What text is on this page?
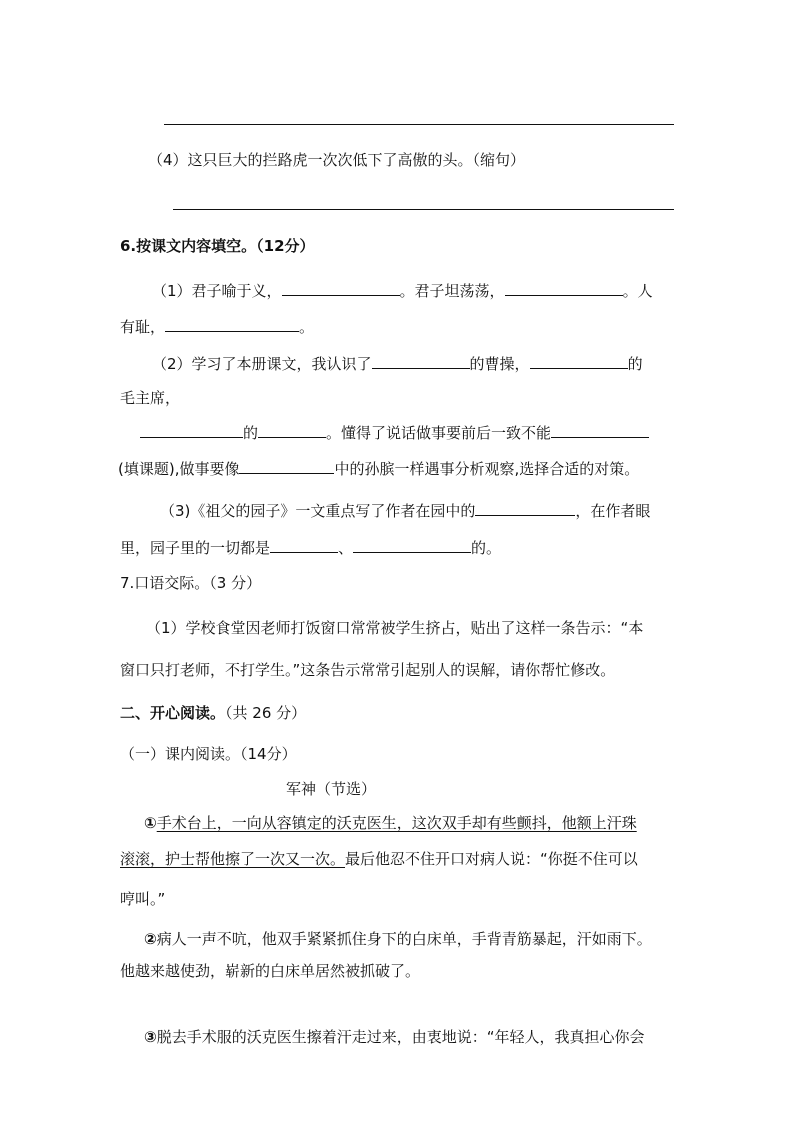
（4）这只巨大的拦路虎一次次低下了高傲的头。（缩句）
6.按课文内容填空。（12分）
（1）君子喻于义，	。君子坦荡荡，	。人
有耻，	。
（2）学习了本册课文，我认识了	的曹操，	的
毛主席，
的	。懂得了说话做事要前后一致不能
(填课题),做事要像	中的孙膑一样遇事分析观察,选择合适的对策。
（3)《祖父的园子》一文重点写了作者在园中的	，在作者眼
里，园子里的一切都是	、	的。
7.口语交际。（3 分）
（1）学校食堂因老师打饭窗口常常被学生挤占，贴出了这样一条告示：“本
窗口只打老师，不打学生。”这条告示常常引起别人的误解，请你帮忙修改。
二、开心阅读。（共 26 分）
（一）课内阅读。（14分）
军神（节选）
①手术台上，一向从容镇定的沃克医生，这次双手却有些颤抖，他额上汗珠
滚滚，护士帮他擦了一次又一次。最后他忍不住开口对病人说：“你挺不住可以
哼叫。”
②病人一声不吭，他双手紧紧抓住身下的白床单，手背青筋暴起，汗如雨下。
他越来越使劲，崭新的白床单居然被抓破了。
③脱去手术服的沃克医生擦着汗走过来，由衷地说：“年轻人，我真担心你会
